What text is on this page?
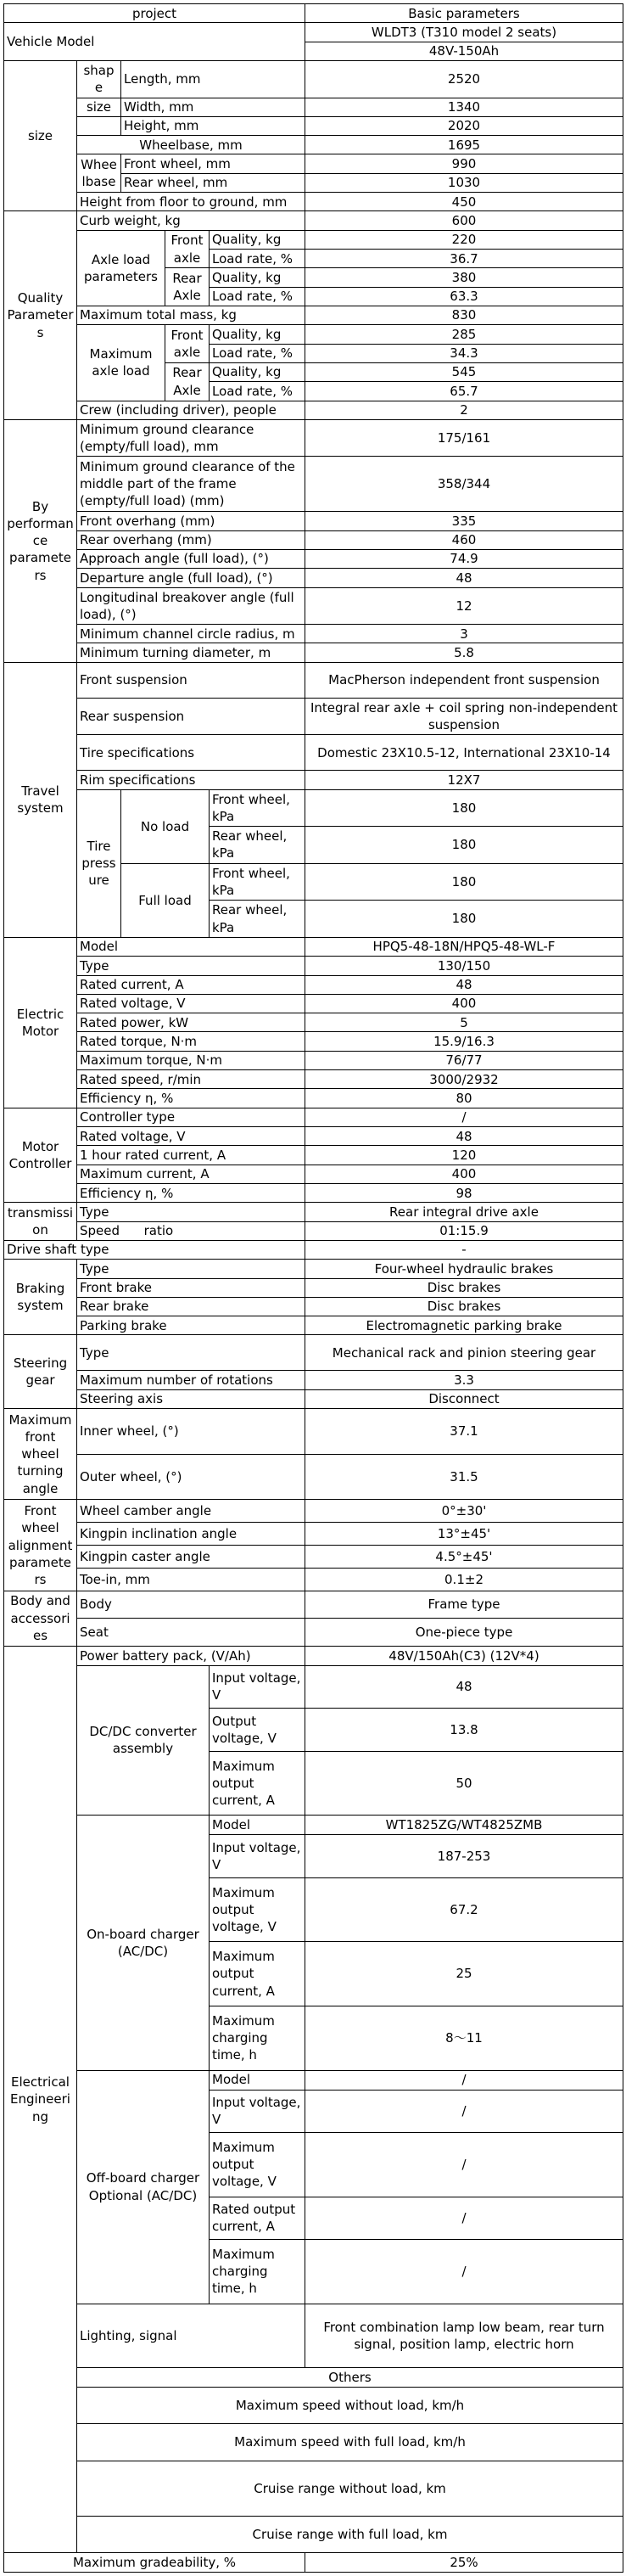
project					Basic parameters	
Vehicle Model					WLDT3 (T310 model 2 seats)	
					48V-150Ah	
size	shape	Length, mm			2520	
	size	Width, mm			1340	
		Height, mm			2020	
	Wheelbase, mm				1695	
	Wheelbase	Front wheel, mm			990	
		Rear wheel, mm			1030	
	Height from floor to ground, mm				450	
Quality Parameters	Curb weight, kg				600	
	Axle load parameters		Front axle	Quality, kg	220	
				Load rate, %	36.7	
			Rear Axle	Quality, kg	380	
				Load rate, %	63.3	
	Maximum total mass, kg				830	
	Maximum axle load		Front axle	Quality, kg	285	
				Load rate, %	34.3	
			Rear Axle	Quality, kg	545	
				Load rate, %	65.7	
	Crew (including driver), people				2	
By performance parameters	Minimum ground clearance (empty/full load), mm				175/161	
	Minimum ground clearance of the middle part of the frame (empty/full load) (mm)				358/344	
	Front overhang (mm)				335	
	Rear overhang (mm)				460	
	Approach angle (full load), (°)				74.9	
	Departure angle (full load), (°)				48	
	Longitudinal breakover angle (full load), (°)				12	
	Minimum channel circle radius, m				3	
	Minimum turning diameter, m				5.8	
Travel system	Front suspension				MacPherson independent front suspension	
	Rear suspension				Integral rear axle + coil spring non-independent suspension	
	Tire specifications				Domestic 23X10.5-12, International 23X10-14	
	Rim specifications				12X7	
	Tire pressure	No load		Front wheel, kPa	180	
				Rear wheel, kPa	180	
		Full load		Front wheel, kPa	180	
				Rear wheel, kPa	180	
Electric Motor	Model				HPQ5-48-18N/HPQ5-48-WL-F	
	Type				130/150	
	Rated current, A				48	
	Rated voltage, V				400	
	Rated power, kW				5	
	Rated torque, N·m				15.9/16.3	
	Maximum torque, N·m				76/77	
	Rated speed, r/min				3000/2932	
	Efficiency η, %				80	
Motor Controller	Controller type				/	
	Rated voltage, V				48	
	1 hour rated current, A				120	
	Maximum current, A				400	
	Efficiency η, %				98	
transmission	Type				Rear integral drive axle	
	Speed      ratio				01:15.9	
Drive shaft type					-	
Braking system	Type				Four-wheel hydraulic brakes	
	Front brake				Disc brakes	
	Rear brake				Disc brakes	
	Parking brake				Electromagnetic parking brake	
Steering gear	Type				Mechanical rack and pinion steering gear	
	Maximum number of rotations				3.3	
	Steering axis				Disconnect	
Maximum front wheel turning angle	Inner wheel, (°)				37.1	
	Outer wheel, (°)				31.5	
Front wheel alignment parameters	Wheel camber angle				0°±30'	
	Kingpin inclination angle				13°±45'	
	Kingpin caster angle				4.5°±45'	
	Toe-in, mm				0.1±2	
Body and accessories	Body				Frame type	
	Seat				One-piece type	
Electrical Engineering	Power battery pack, (V/Ah)				48V/150Ah(C3) (12V*4)	
	DC/DC converter assembly			Input voltage, V	48	
				Output voltage, V	13.8	
				Maximum output current, A	50	
	On-board charger (AC/DC)			Model	WT1825ZG/WT4825ZMB	
				Input voltage, V	187-253	
				Maximum output voltage, V	67.2	
				Maximum output current, A	25	
				Maximum charging time, h	8～11	
	Off-board charger Optional (AC/DC)			Model	/	
				Input voltage, V	/	
				Maximum output voltage, V	/	
				Rated output current, A	/	
				Maximum charging time, h	/	
	Lighting, signal				Front combination lamp low beam, rear turn signal, position lamp, electric horn	
	Others					
	Maximum speed without load, km/h	
	Maximum speed with full load, km/h	
	Cruise range without load, km	
	Cruise range with full load, km	
Maximum gradeability, %					25%	
